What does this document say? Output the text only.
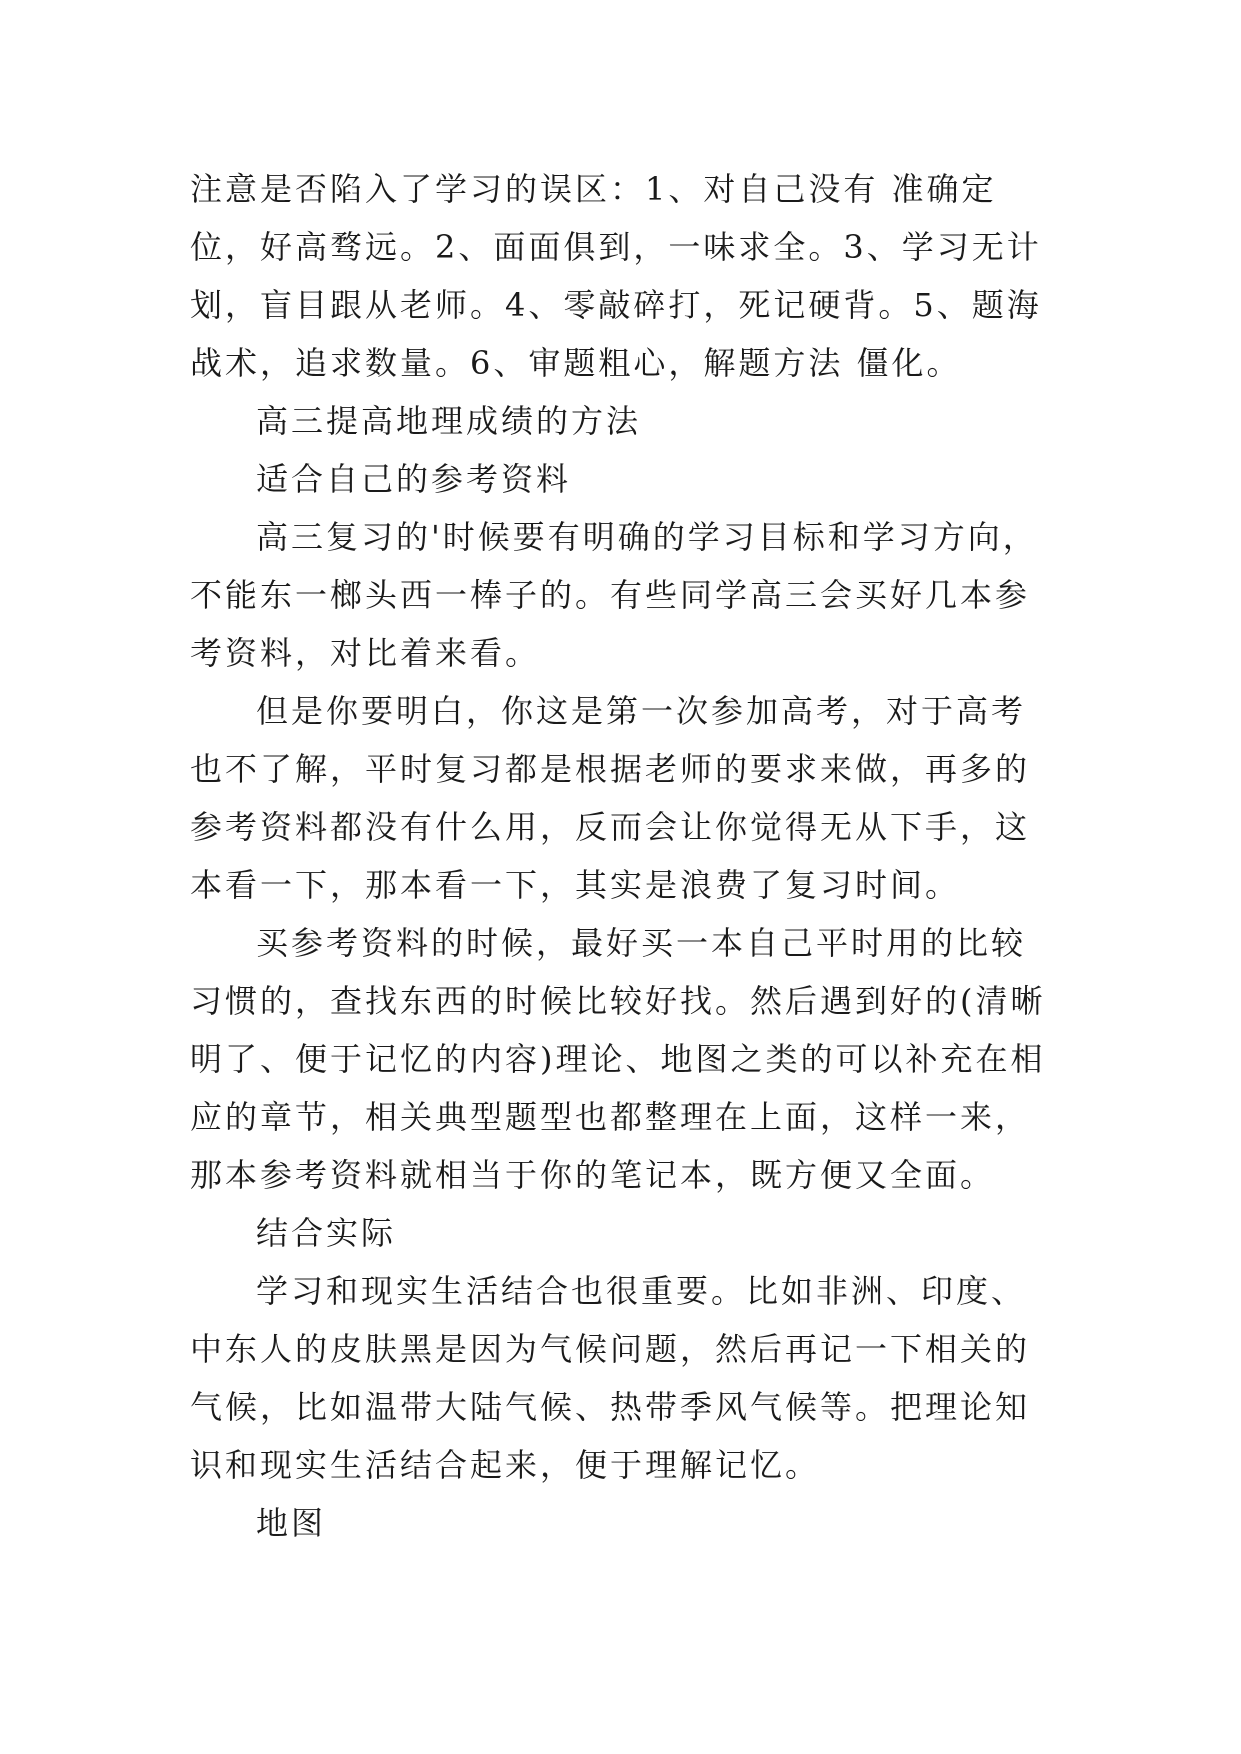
注意是否陷入了学习的误区：1、对自己没有 准确定位，好高骛远。2、面面俱到，一味求全。3、学习无计划，盲目跟从老师。4、零敲碎打，死记硬背。5、题海战术，追求数量。6、审题粗心，解题方法 僵化。

高三提高地理成绩的方法

适合自己的参考资料

高三复习的'时候要有明确的学习目标和学习方向，不能东一榔头西一棒子的。有些同学高三会买好几本参考资料，对比着来看。

但是你要明白，你这是第一次参加高考，对于高考也不了解，平时复习都是根据老师的要求来做，再多的参考资料都没有什么用，反而会让你觉得无从下手，这本看一下，那本看一下，其实是浪费了复习时间。

买参考资料的时候，最好买一本自己平时用的比较习惯的，查找东西的时候比较好找。然后遇到好的(清晰明了、便于记忆的内容)理论、地图之类的可以补充在相应的章节，相关典型题型也都整理在上面，这样一来，那本参考资料就相当于你的笔记本，既方便又全面。

结合实际

学习和现实生活结合也很重要。比如非洲、印度、中东人的皮肤黑是因为气候问题，然后再记一下相关的气候，比如温带大陆气候、热带季风气候等。把理论知识和现实生活结合起来，便于理解记忆。

地图
